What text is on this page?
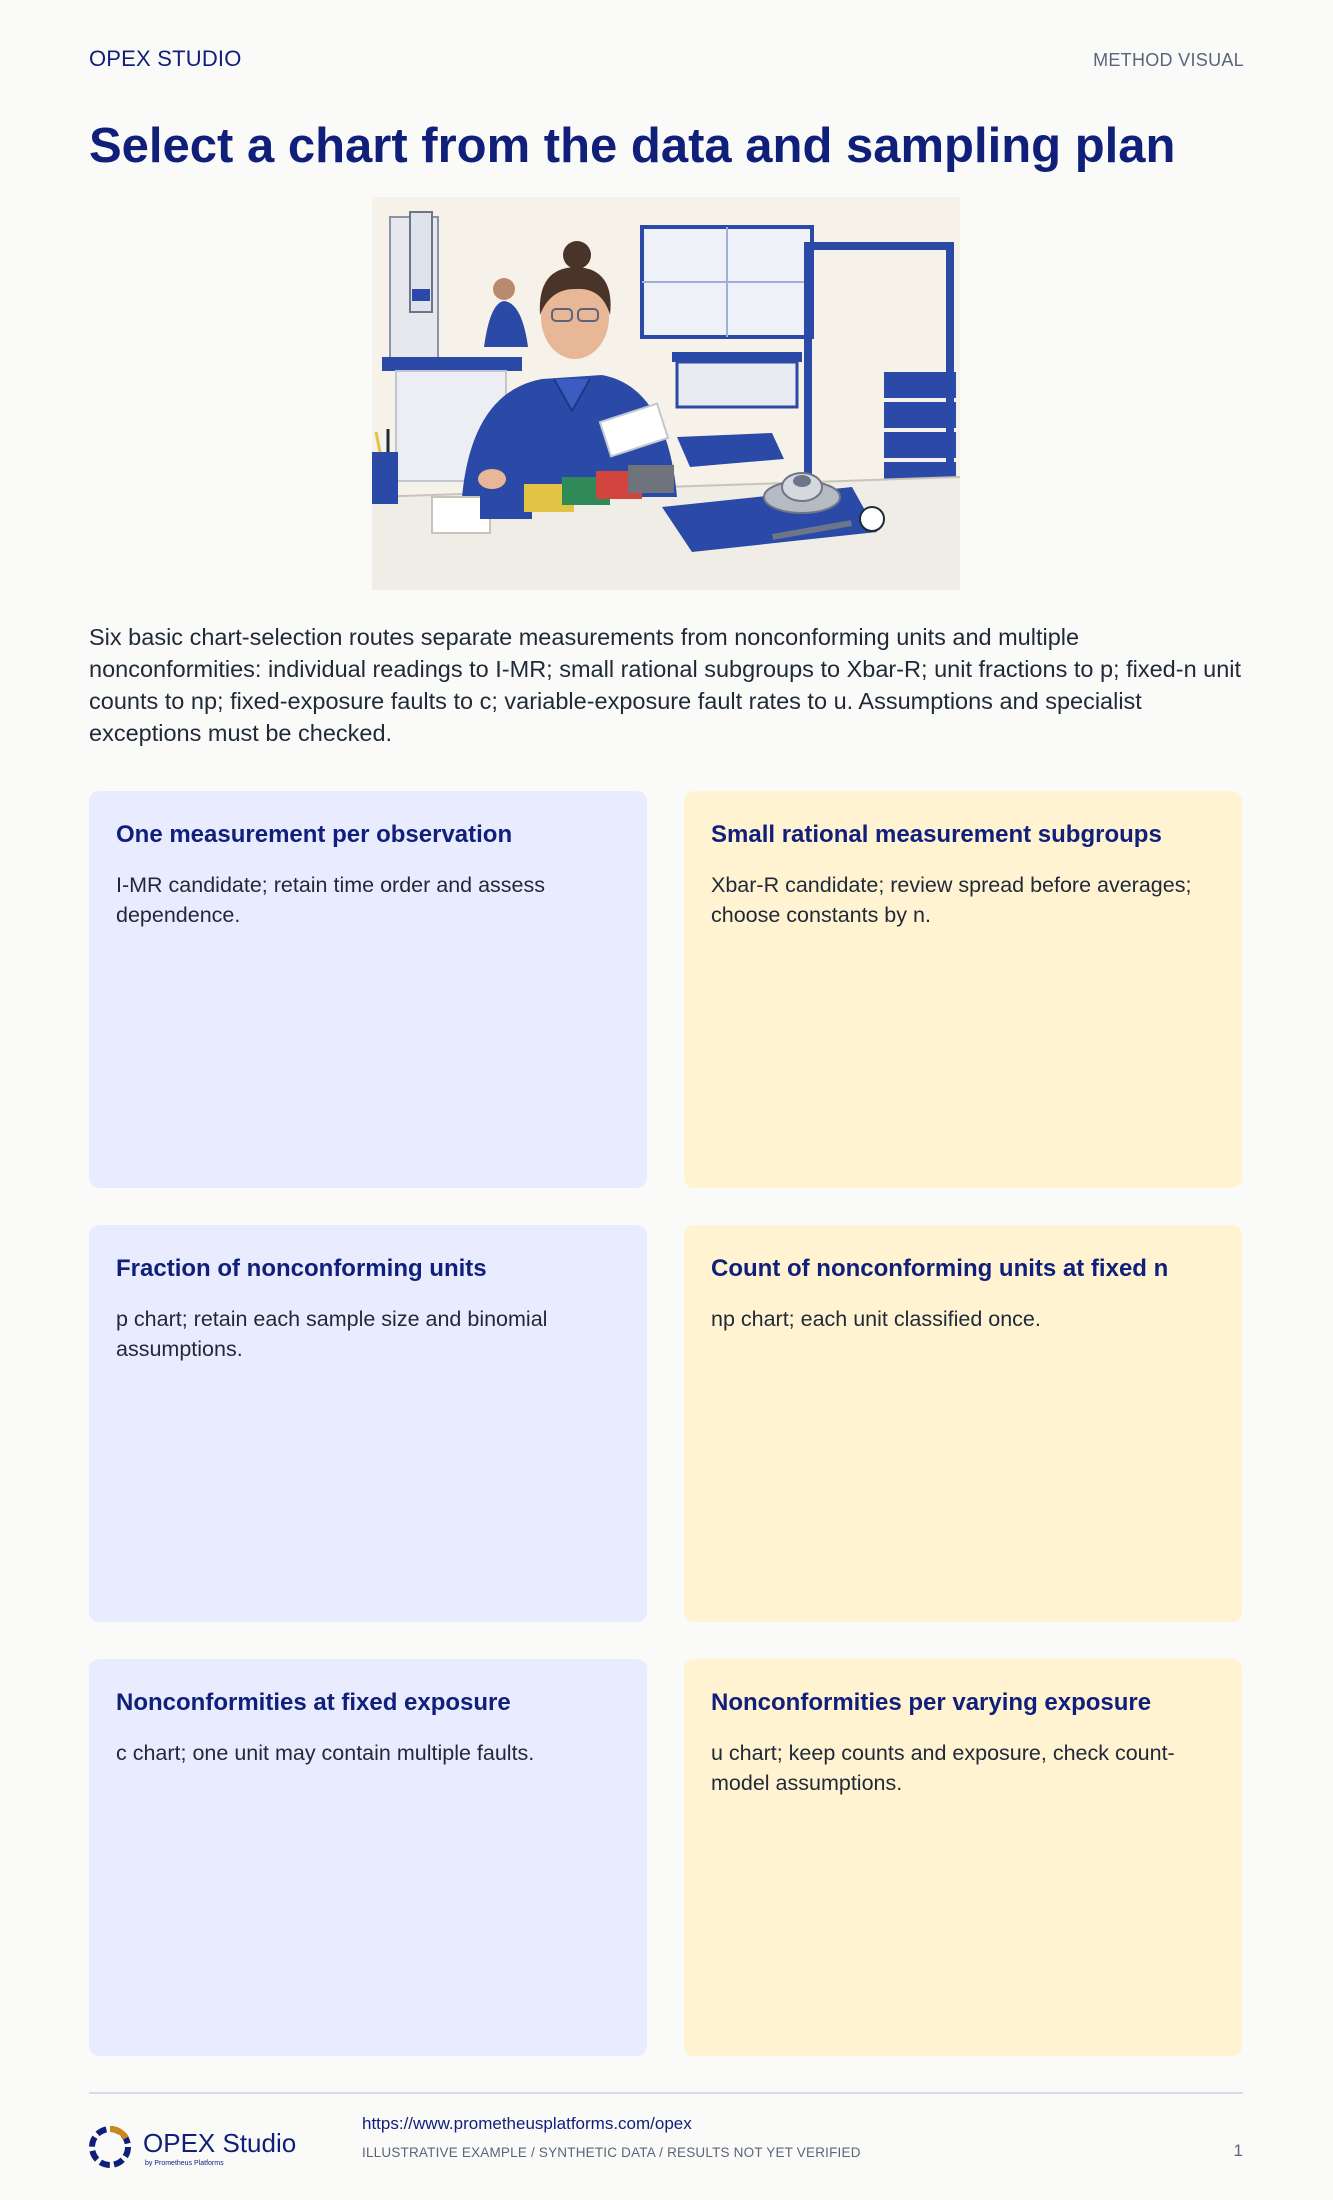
OPEX STUDIO	METHOD VISUAL
Select a chart from the data and sampling plan

Six basic chart-selection routes separate measurements from nonconforming units and multiple nonconformities: individual readings to I-MR; small rational subgroups to Xbar-R; unit fractions to p; fixed-n unit counts to np; fixed-exposure faults to c; variable-exposure fault rates to u. Assumptions and specialist exceptions must be checked.

One measurement per observation

I-MR candidate; retain time order and assess dependence.

Small rational measurement subgroups

Xbar-R candidate; review spread before averages; choose constants by n.

Fraction of nonconforming units

p chart; retain each sample size and binomial assumptions.

Count of nonconforming units at fixed n

np chart; each unit classified once.

Nonconformities at fixed exposure

c chart; one unit may contain multiple faults.

Nonconformities per varying exposure

u chart; keep counts and exposure, check count-model assumptions.

OPEX Studio
by Prometheus Platforms
https://www.prometheusplatforms.com/opex
ILLUSTRATIVE EXAMPLE / SYNTHETIC DATA / RESULTS NOT YET VERIFIED	1
